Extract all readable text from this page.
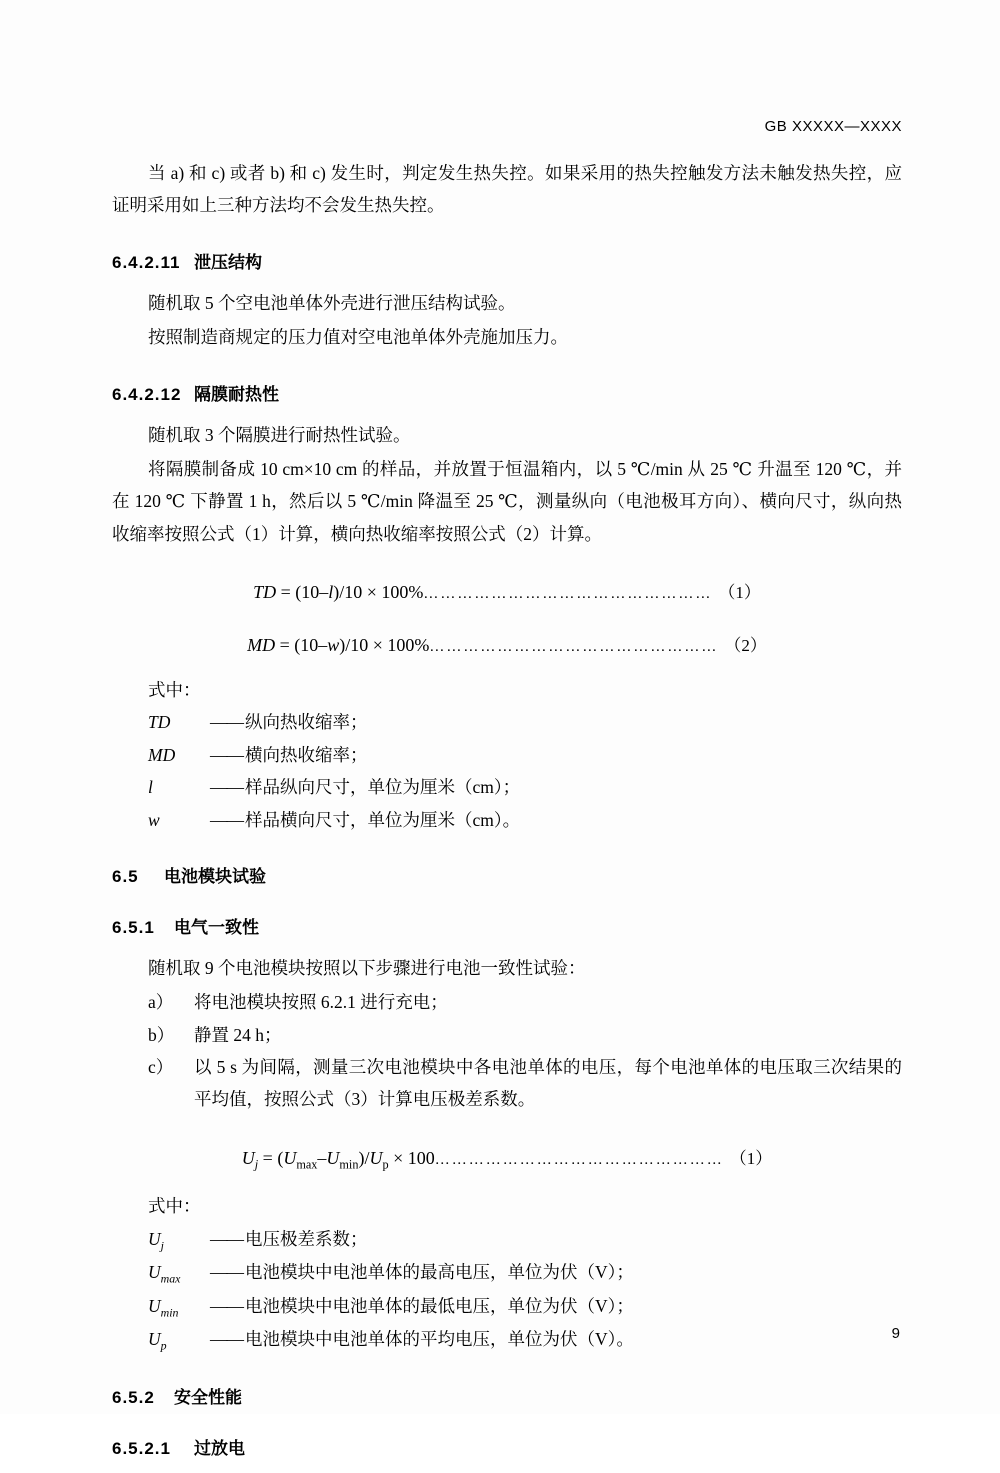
GB XXXXX—XXXX

当 a) 和 c) 或者 b) 和 c) 发生时，判定发生热失控。如果采用的热失控触发方法未触发热失控，应证明采用如上三种方法均不会发生热失控。

6.4.2.11 泄压结构

随机取 5 个空电池单体外壳进行泄压结构试验。

按照制造商规定的压力值对空电池单体外壳施加压力。

6.4.2.12 隔膜耐热性

随机取 3 个隔膜进行耐热性试验。

将隔膜制备成 10 cm×10 cm 的样品，并放置于恒温箱内，以 5 ℃/min 从 25 ℃ 升温至 120 ℃，并在 120 ℃ 下静置 1 h，然后以 5 ℃/min 降温至 25 ℃，测量纵向（电池极耳方向）、横向尺寸，纵向热收缩率按照公式（1）计算，横向热收缩率按照公式（2）计算。

TD = (10–l)/10 × 100% …………………………………………… （1）
MD = (10–w)/10 × 100% …………………………………………… （2）
式中：
TD	—— 纵向热收缩率；
MD	—— 横向热收缩率；
l	—— 样品纵向尺寸，单位为厘米（cm）；
w	—— 样品横向尺寸，单位为厘米（cm）。
6.5 电池模块试验
6.5.1 电气一致性

随机取 9 个电池模块按照以下步骤进行电池一致性试验：

a）	将电池模块按照 6.2.1 进行充电；
b）	静置 24 h；
c）	以 5 s 为间隔，测量三次电池模块中各电池单体的电压，每个电池单体的电压取三次结果的平均值，按照公式（3）计算电压极差系数。
$U_j = (U_{max}-U_{min})/U_p \times 100$ …………………………………………… （1）
式中：
$U_j$	—— 电压极差系数；
$U_{max}$	—— 电池模块中电池单体的最高电压，单位为伏（V）；
$U_{min}$	—— 电池模块中电池单体的最低电压，单位为伏（V）；
$U_p$	—— 电池模块中电池单体的平均电压，单位为伏（V）。
6.5.2 安全性能
6.5.2.1 过放电
9
